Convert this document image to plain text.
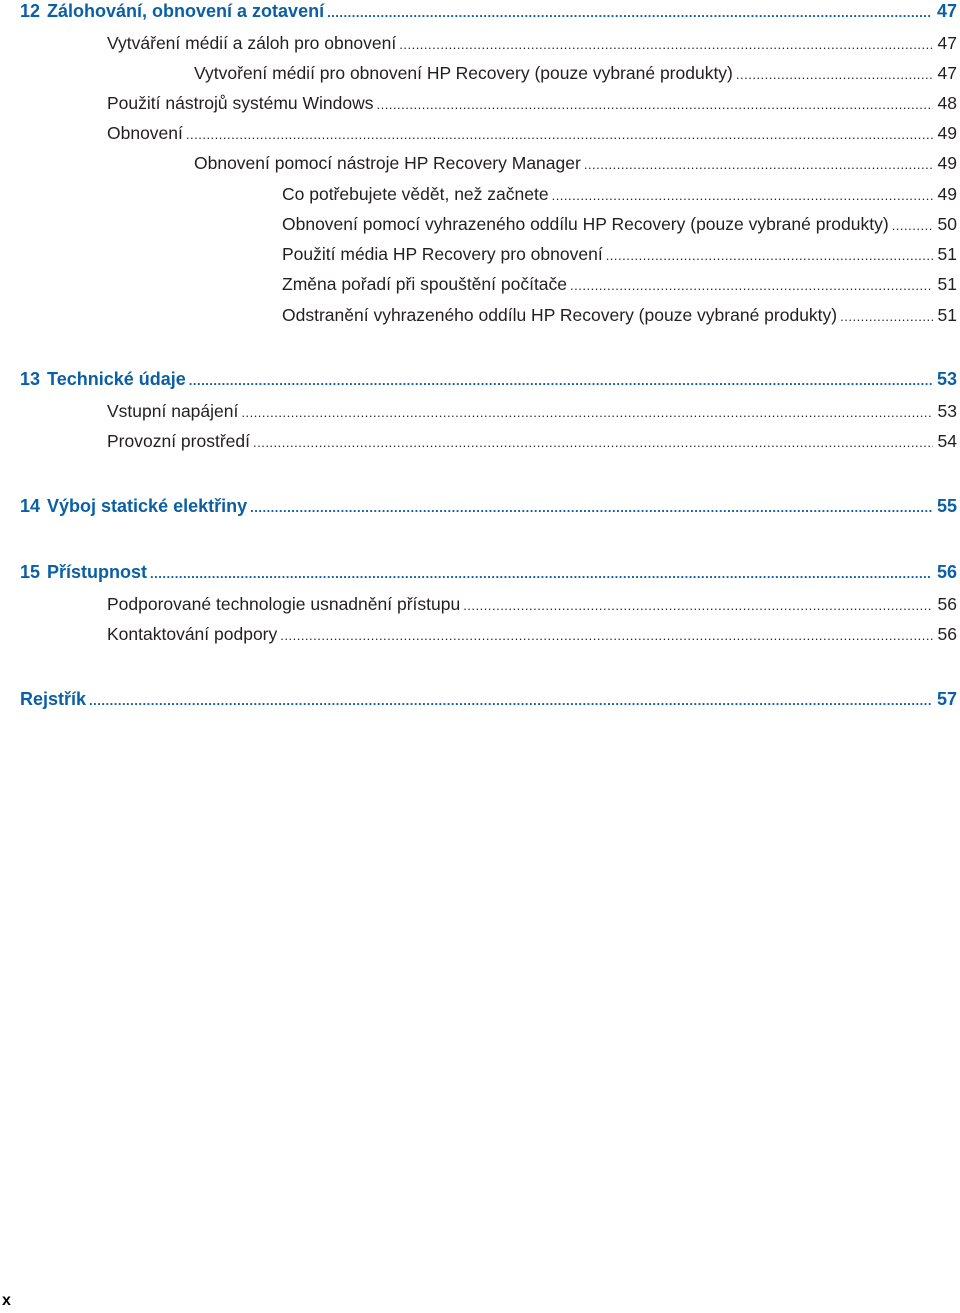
12 Zálohování, obnovení a zotavení .....	47
Vytváření médií a záloh pro obnovení .....	47
Vytvoření médií pro obnovení HP Recovery (pouze vybrané produkty) .....	47
Použití nástrojů systému Windows .....	48
Obnovení .....	49
Obnovení pomocí nástroje HP Recovery Manager .....	49
Co potřebujete vědět, než začnete .....	49
Obnovení pomocí vyhrazeného oddílu HP Recovery (pouze vybrané produkty) .....	50
Použití média HP Recovery pro obnovení .....	51
Změna pořadí při spouštění počítače .....	51
Odstranění vyhrazeného oddílu HP Recovery (pouze vybrané produkty) .....	51
13 Technické údaje .....	53
Vstupní napájení .....	53
Provozní prostředí .....	54
14 Výboj statické elektřiny .....	55
15 Přístupnost .....	56
Podporované technologie usnadnění přístupu .....	56
Kontaktování podpory .....	56
Rejstřík .....	57
x
